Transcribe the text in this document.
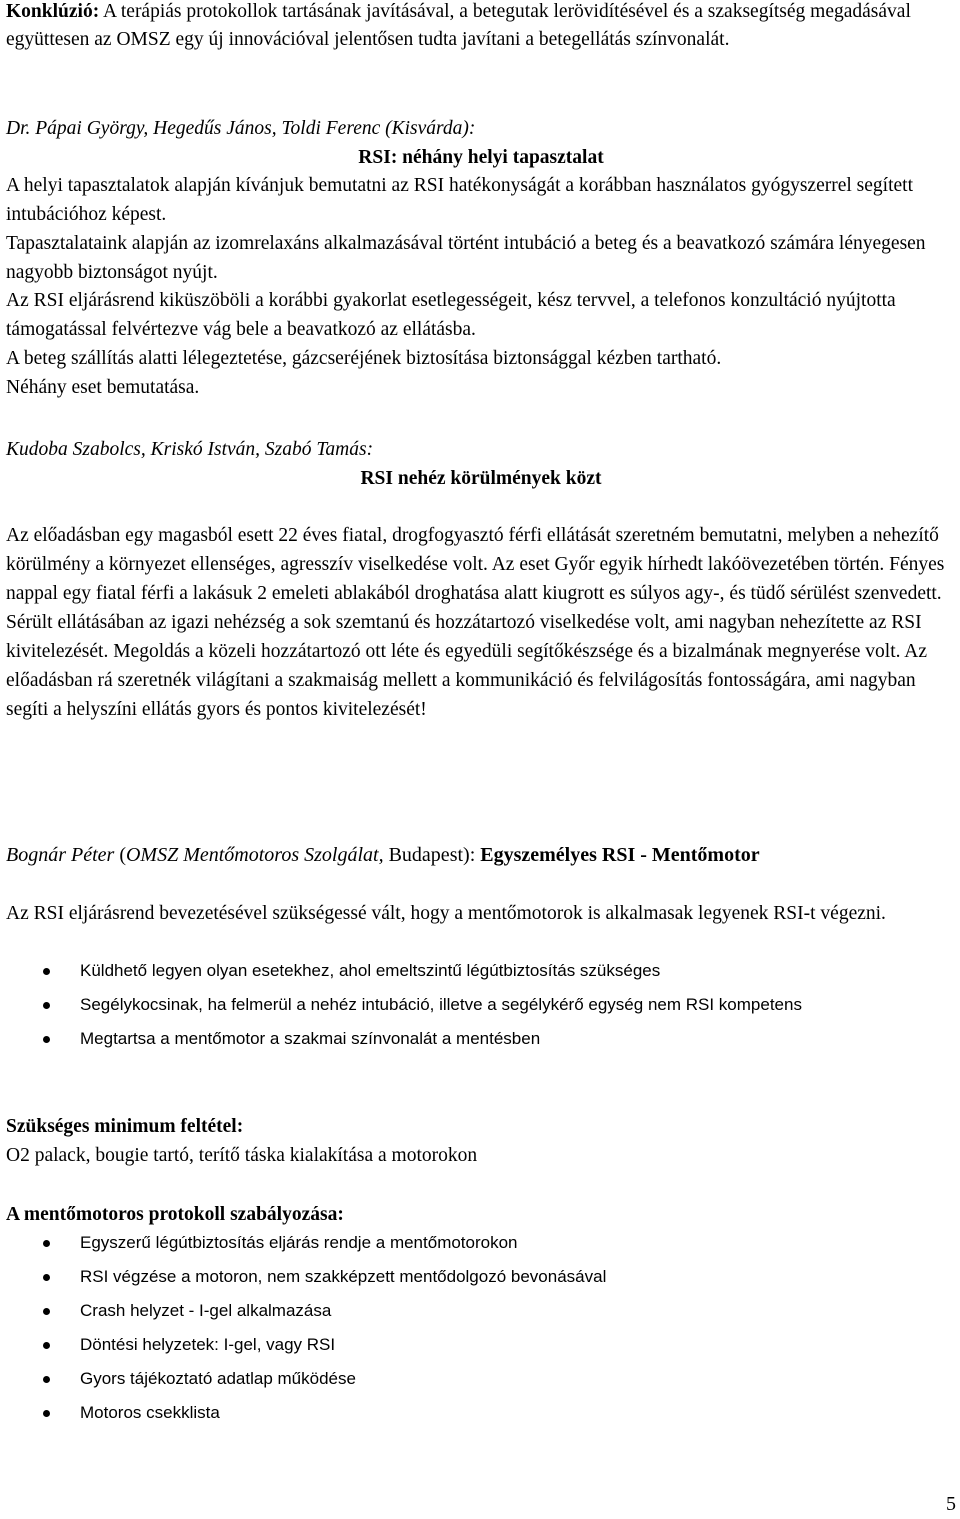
Konklúzió: A terápiás protokollok tartásának javításával, a betegutak lerövidítésével és a szaksegítség megadásával együttesen az OMSZ egy új innovációval jelentősen tudta javítani a betegellátás színvonalát.

Dr. Pápai György, Hegedűs János, Toldi Ferenc (Kisvárda):

RSI: néhány helyi tapasztalat

A helyi tapasztalatok alapján kívánjuk bemutatni az RSI hatékonyságát a korábban használatos gyógyszerrel segített intubációhoz képest.

Tapasztalataink alapján az izomrelaxáns alkalmazásával történt intubáció a beteg és a beavatkozó számára lényegesen nagyobb biztonságot nyújt.

Az RSI eljárásrend kiküszöböli a korábbi gyakorlat esetlegességeit, kész tervvel, a telefonos konzultáció nyújtotta támogatással felvértezve vág bele a beavatkozó az ellátásba.

A beteg szállítás alatti lélegeztetése, gázcseréjének biztosítása biztonsággal kézben tartható.

Néhány eset bemutatása.

Kudoba Szabolcs, Kriskó István, Szabó Tamás:

RSI nehéz körülmények közt

Az előadásban egy magasból esett 22 éves fiatal, drogfogyasztó férfi ellátását szeretném bemutatni, melyben a nehezítő körülmény a környezet ellenséges, agresszív viselkedése volt. Az eset Győr egyik hírhedt lakóövezetében történ. Fényes nappal egy fiatal férfi a lakásuk 2 emeleti ablakából droghatása alatt kiugrott es súlyos agy-, és tüdő sérülést szenvedett. Sérült ellátásában az igazi nehézség a sok szemtanú és hozzátartozó viselkedése volt, ami nagyban nehezítette az RSI kivitelezését. Megoldás a közeli hozzátartozó ott léte és egyedüli segítőkészsége és a bizalmának megnyerése volt. Az előadásban rá szeretnék világítani a szakmaiság mellett a kommunikáció és felvilágosítás fontosságára, ami nagyban segíti a helyszíni ellátás gyors és pontos kivitelezését!

Bognár Péter (OMSZ Mentőmotoros Szolgálat, Budapest): Egyszemélyes RSI - Mentőmotor

Az RSI eljárásrend bevezetésével szükségessé vált, hogy a mentőmotorok is alkalmasak legyenek RSI-t végezni.

Küldhető legyen olyan esetekhez, ahol emeltszintű légútbiztosítás szükséges
Segélykocsinak, ha felmerül a nehéz intubáció, illetve a segélykérő egység nem RSI kompetens
Megtartsa a mentőmotor a szakmai színvonalát a mentésben

Szükséges minimum feltétel:

O2 palack, bougie tartó, terítő táska kialakítása a motorokon

A mentőmotoros protokoll szabályozása:

Egyszerű légútbiztosítás eljárás rendje a mentőmotorokon
RSI végzése a motoron, nem szakképzett mentődolgozó bevonásával
Crash helyzet - I-gel alkalmazása
Döntési helyzetek: I-gel, vagy RSI
Gyors tájékoztató adatlap működése
Motoros csekklista
5
